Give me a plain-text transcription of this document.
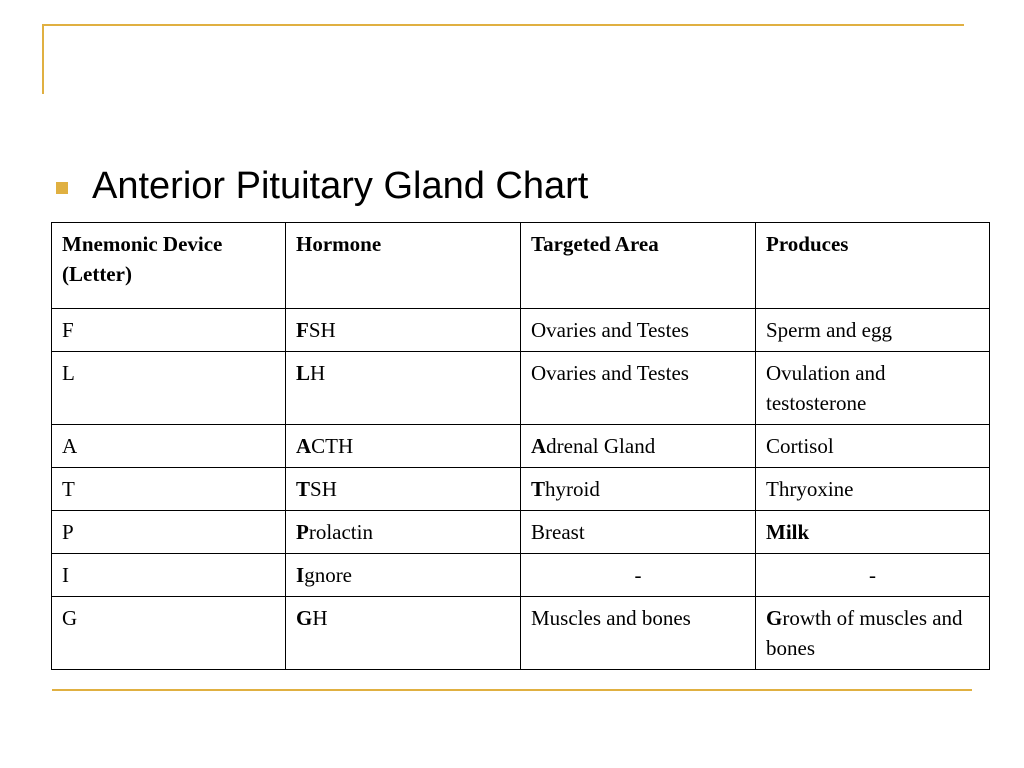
Anterior Pituitary Gland Chart
Mnemonic Device (Letter)	Hormone	Targeted Area	Produces
F	FSH	Ovaries and Testes	Sperm and egg
L	LH	Ovaries and Testes	Ovulation and testosterone
A	ACTH	Adrenal Gland	Cortisol
T	TSH	Thyroid	Thryoxine
P	Prolactin	Breast	Milk
I	Ignore	-	-
G	GH	Muscles and bones	Growth of muscles and bones
